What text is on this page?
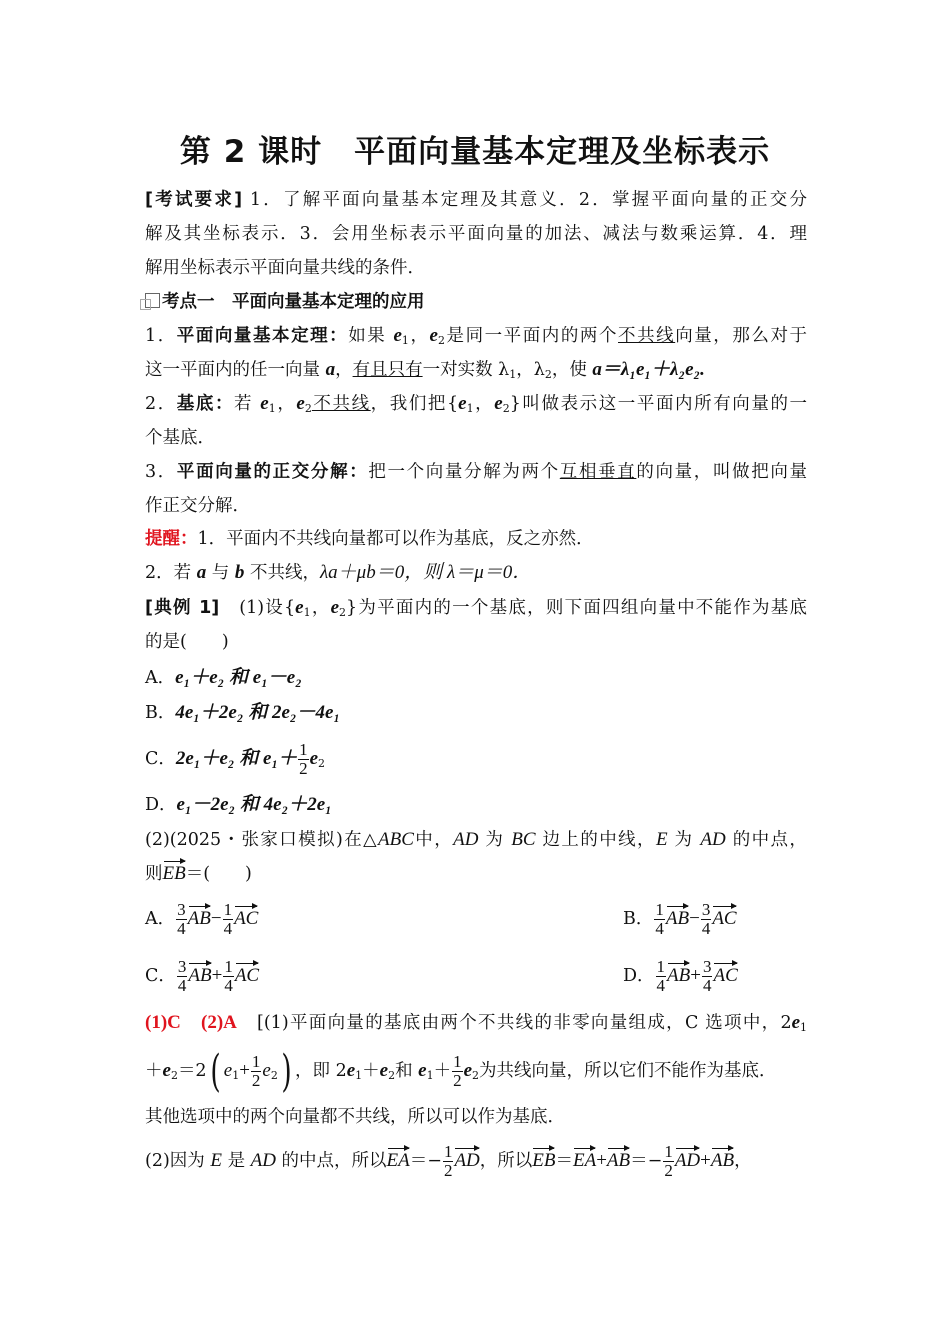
第 2 课时　平面向量基本定理及坐标表示
[考试要求] 1．了解平面向量基本定理及其意义．2．掌握平面向量的正交分
解及其坐标表示．3．会用坐标表示平面向量的加法、减法与数乘运算．4．理
解用坐标表示平面向量共线的条件．
考点一　平面向量基本定理的应用
1．平面向量基本定理：如果 $e_1$，$e_2$是同一平面内的两个不共线向量，那么对于
这一平面内的任一向量 a，有且只有一对实数 $\lambda_1$，$\lambda_2$，使 a＝λ₁e₁＋λ₂e₂.
2．基底：若 $e_1$，$e_2$不共线，我们把{$e_1$，$e_2$}叫做表示这一平面内所有向量的一
个基底．
3．平面向量的正交分解：把一个向量分解为两个互相垂直的向量，叫做把向量
作正交分解．
提醒：1．平面内不共线向量都可以作为基底，反之亦然．
2．若 a 与 b 不共线，λa＋μb＝0，则 λ＝μ＝0．
[典例 1]　 (1)设{$e_1$，$e_2$}为平面内的一个基底，则下面四组向量中不能作为基底
的是(　　)
A．e₁＋e₂ 和 e₁－e₂
B．4e₁＋2e₂ 和 2e₂－4e₁
C．2e₁＋e₂ 和 $e_1+ \frac{1}{2} e_2$
D．e₁－2e₂ 和 4e₂＋2e₁
(2)(2025・张家口模拟)在△ABC中，AD 为 BC 边上的中线，E 为 AD 的中点，
则EB＝(　　)
A． $\frac{3}{4} AB- \frac{1}{4}$ AC	B． $\frac{1}{4} AB- \frac{3}{4}$ AC
C． $\frac{3}{4} AB+ \frac{1}{4}$ AC	D． $\frac{1}{4} AB+ \frac{3}{4}$ AC
(1)C　 (2)A　 [(1)平面向量的基底由两个不共线的非零向量组成，C 选项中，$2e_1$
$+e_2=2$( $e_1+ \frac{1}{2} e_2$) ，即 $2e_1+e_2$和 $e_1+ \frac{1}{2} e_2$为共线向量，所以它们不能作为基底．
其他选项中的两个向量都不共线，所以可以作为基底．
(2)因为 E 是 AD 的中点，所以$EA=- \frac{1}{2}$ AD，所以$EB=EA+AB=- \frac{1}{2} AD+AB$，
